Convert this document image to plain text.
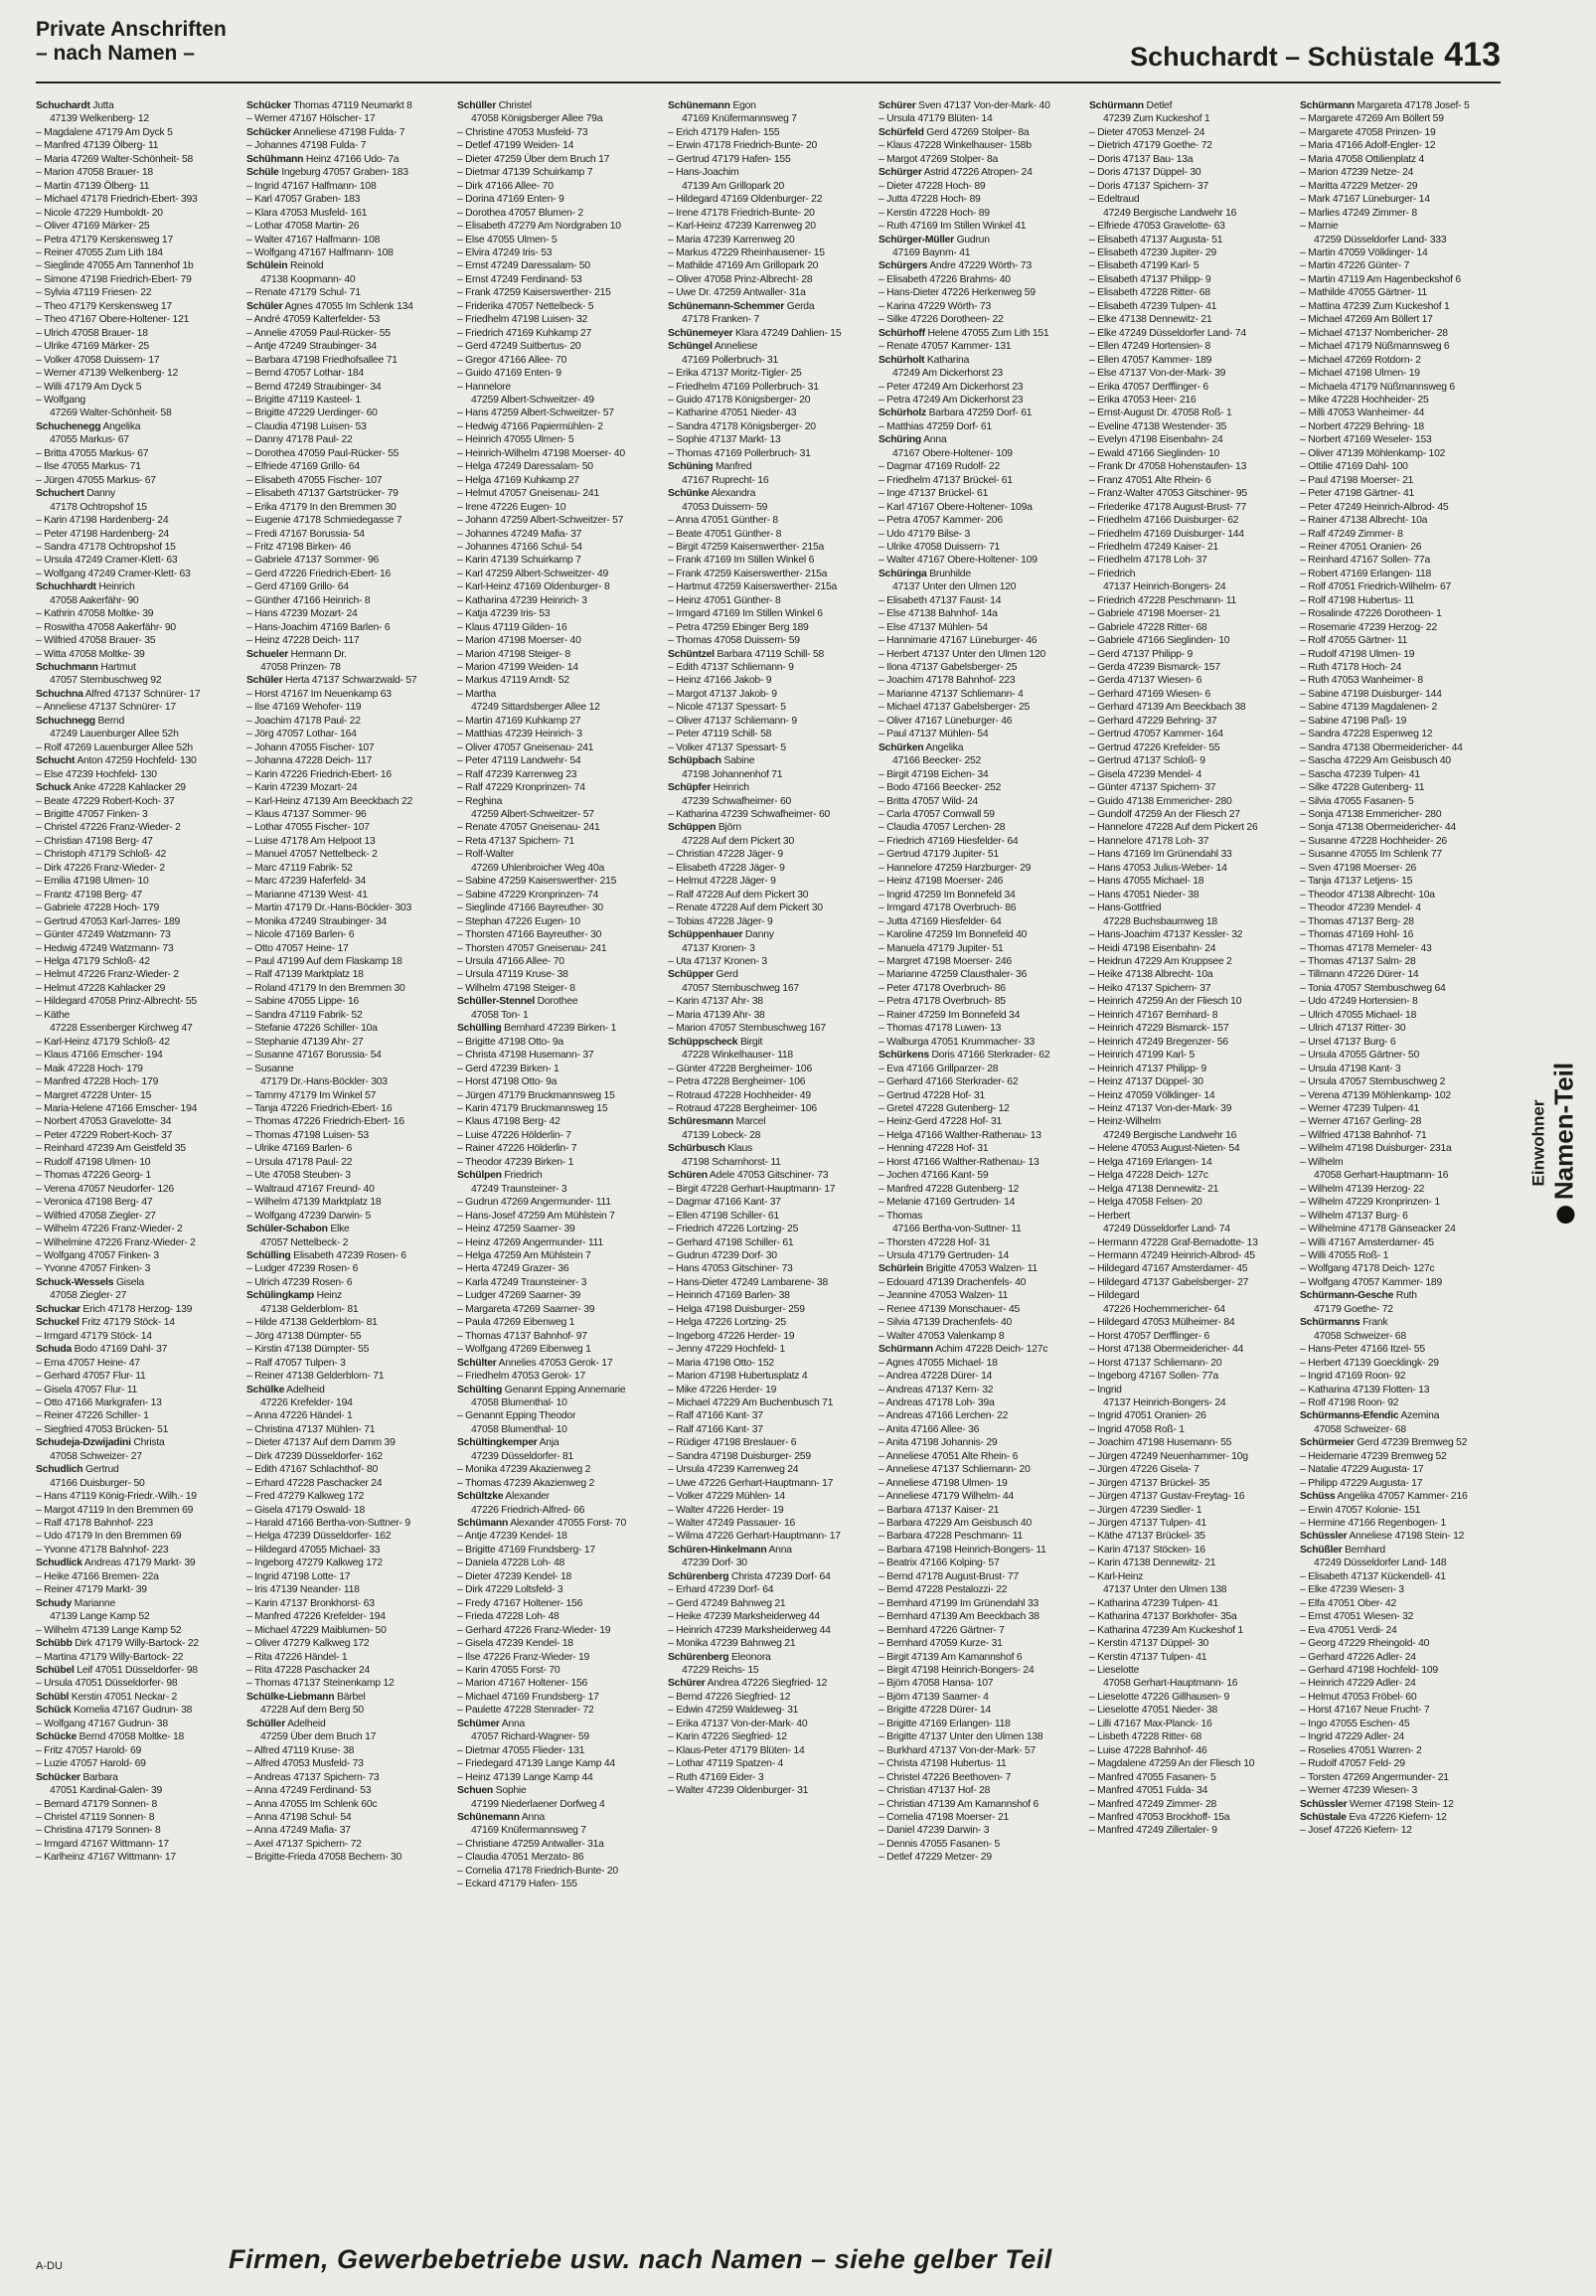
Private Anschriften
– nach Namen –	Schuchardt – Schüstale 413
Schuchardt Jutta
47139 Welkenberg- 12
– Magdalene 47179 Am Dyck 5
– Manfred 47139 Ölberg- 11
– Maria 47269 Walter-Schönheit- 58
– Marion 47058 Brauer- 18
– Martin 47139 Ölberg- 11
– Michael 47178 Friedrich-Ebert- 393
– Nicole 47229 Humboldt- 20
– Oliver 47169 Märker- 25
– Petra 47179 Kerskensweg 17
– Reiner 47055 Zum Lith 184
– Sieglinde 47055 Am Tannenhof 1b
– Simone 47198 Friedrich-Ebert- 79
– Sylvia 47119 Friesen- 22
– Theo 47179 Kerskensweg 17
– Theo 47167 Obere-Holtener- 121
– Ulrich 47058 Brauer- 18
– Ulrike 47169 Märker- 25
– Volker 47058 Duissern- 17
– Werner 47139 Welkenberg- 12
– Willi 47179 Am Dyck 5
– Wolfgang
47269 Walter-Schönheit- 58
Schuchenegg Angelika
47055 Markus- 67
– Britta 47055 Markus- 67
– Ilse 47055 Markus- 71
– Jürgen 47055 Markus- 67
Schuchert Danny
47178 Ochtropshof 15
– Karin 47198 Hardenberg- 24
– Peter 47198 Hardenberg- 24
– Sandra 47178 Ochtropshof 15
– Ursula 47249 Cramer-Klett- 63
– Wolfgang 47249 Cramer-Klett- 63
Schuchhardt Heinrich
47058 Aakerfähr- 90
– Kathrin 47058 Moltke- 39
– Roswitha 47058 Aakerfähr- 90
– Wilfried 47058 Brauer- 35
– Witta 47058 Moltke- 39
Schuchmann Hartmut
47057 Sternbuschweg 92
Schuchna Alfred 47137 Schnürer- 17
– Anneliese 47137 Schnürer- 17
Schuchnegg Bernd
47249 Lauenburger Allee 52h
– Rolf 47269 Lauenburger Allee 52h
Schucht Anton 47259 Hochfeld- 130
– Else 47239 Hochfeld- 130
Schuck Anke 47228 Kahlacker 29
– Beate 47229 Robert-Koch- 37
– Brigitte 47057 Finken- 3
– Christel 47226 Franz-Wieder- 2
– Christian 47198 Berg- 47
– Christoph 47179 Schloß- 42
– Dirk 47226 Franz-Wieder- 2
– Emilia 47198 Ulmen- 10
– Frantz 47198 Berg- 47
– Gabriele 47228 Hoch- 179
– Gertrud 47053 Karl-Jarres- 189
– Günter 47249 Watzmann- 73
– Hedwig 47249 Watzmann- 73
– Helga 47179 Schloß- 42
– Helmut 47226 Franz-Wieder- 2
– Helmut 47228 Kahlacker 29
– Hildegard 47058 Prinz-Albrecht- 55
– Käthe
47228 Essenberger Kirchweg 47
– Karl-Heinz 47179 Schloß- 42
– Klaus 47166 Emscher- 194
– Maik 47228 Hoch- 179
– Manfred 47228 Hoch- 179
– Margret 47228 Unter- 15
– Maria-Helene 47166 Emscher- 194
– Norbert 47053 Gravelotte- 34
– Peter 47229 Robert-Koch- 37
– Reinhard 47239 Am Geistfeld 35
– Rudolf 47198 Ulmen- 10
– Thomas 47226 Georg- 1
– Verena 47057 Neudorfer- 126
– Veronica 47198 Berg- 47
– Wilfried 47058 Ziegler- 27
– Wilhelm 47226 Franz-Wieder- 2
– Wilhelmine 47226 Franz-Wieder- 2
– Wolfgang 47057 Finken- 3
– Yvonne 47057 Finken- 3
Schuck-Wessels Gisela
47058 Ziegler- 27
Schuckar Erich 47178 Herzog- 139
Schuckel Fritz 47179 Stöck- 14
– Irmgard 47179 Stöck- 14
Schuda Bodo 47169 Dahl- 37
– Erna 47057 Heine- 47
– Gerhard 47057 Flur- 11
– Gisela 47057 Flur- 11
– Otto 47166 Markgrafen- 13
– Reiner 47226 Schiller- 1
– Siegfried 47053 Brücken- 51
Schudeja-Dzwijadini Christa
47058 Schweizer- 27
Schudlich Gertrud
47166 Duisburger- 50
– Hans 47119 König-Friedr.-Wilh.- 19
– Margot 47119 In den Bremmen 69
– Ralf 47178 Bahnhof- 223
– Udo 47179 In den Bremmen 69
– Yvonne 47178 Bahnhof- 223
Schudlick Andreas 47179 Markt- 39
– Heike 47166 Bremen- 22a
– Reiner 47179 Markt- 39
Schudy Marianne
47139 Lange Kamp 52
– Wilhelm 47139 Lange Kamp 52
Schübb Dirk 47179 Willy-Bartock- 22
– Martina 47179 Willy-Bartock- 22
Schübel Leif 47051 Düsseldorfer- 98
– Ursula 47051 Düsseldorfer- 98
Schübl Kerstin 47051 Neckar- 2
Schück Kornelia 47167 Gudrun- 38
– Wolfgang 47167 Gudrun- 38
Schücke Bernd 47058 Moltke- 18
– Fritz 47057 Harold- 69
– Luzie 47057 Harold- 69
Schücker Barbara
47051 Kardinal-Galen- 39
– Bernard 47179 Sonnen- 8
– Christel 47119 Sonnen- 8
– Christina 47179 Sonnen- 8
– Irmgard 47167 Wittmann- 17
– Karlheinz 47167 Wittmann- 17
Schücker Thomas 47119 Neumarkt 8
– Werner 47167 Hölscher- 17
Schücker Anneliese 47198 Fulda- 7
– Johannes 47198 Fulda- 7
Schühmann Heinz 47166 Udo- 7a
Schüle Ingeburg 47057 Graben- 183
– Ingrid 47167 Halfmann- 108
– Karl 47057 Graben- 183
– Klara 47053 Musfeld- 161
– Lothar 47058 Martin- 26
– Walter 47167 Halfmann- 108
– Wolfgang 47167 Halfmann- 108
Schülein Reinold
47138 Koopmann- 40
– Renate 47179 Schul- 71
Schüler Agnes 47055 Im Schlenk 134
– André 47059 Kalterfelder- 53
– Annelie 47059 Paul-Rücker- 55
– Antje 47249 Straubinger- 34
– Barbara 47198 Friedhofsallee 71
– Bernd 47057 Lothar- 184
– Bernd 47249 Straubinger- 34
– Brigitte 47119 Kasteel- 1
– Brigitte 47229 Uerdinger- 60
– Claudia 47198 Luisen- 53
– Danny 47178 Paul- 22
– Dorothea 47059 Paul-Rücker- 55
– Elfriede 47169 Grillo- 64
– Elisabeth 47055 Fischer- 107
– Elisabeth 47137 Gartstrücker- 79
– Erika 47179 In den Bremmen 30
– Eugenie 47178 Schmiedegasse 7
– Fredi 47167 Borussia- 54
– Fritz 47198 Birken- 46
– Gabriele 47137 Sommer- 96
– Gerd 47226 Friedrich-Ebert- 16
– Gerd 47169 Grillo- 64
– Günther 47166 Heinrich- 8
– Hans 47239 Mozart- 24
– Hans-Joachim 47169 Barlen- 6
– Heinz 47228 Deich- 117
Schueler Hermann Dr.
47058 Prinzen- 78
Schüler Herta 47137 Schwarzwald- 57
– Horst 47167 Im Neuenkamp 63
– Ilse 47169 Wehofer- 119
– Joachim 47178 Paul- 22
– Jörg 47057 Lothar- 164
– Johann 47055 Fischer- 107
– Johanna 47228 Deich- 117
– Karin 47226 Friedrich-Ebert- 16
– Karin 47239 Mozart- 24
– Karl-Heinz 47139 Am Beeckbach 22
– Klaus 47137 Sommer- 96
– Lothar 47055 Fischer- 107
– Luise 47178 Am Helpoot 13
– Manuel 47057 Nettelbeck- 2
– Marc 47119 Fabrik- 52
– Marc 47239 Haferfeld- 34
– Marianne 47139 West- 41
– Martin 47179 Dr.-Hans-Böckler- 303
– Monika 47249 Straubinger- 34
– Nicole 47169 Barlen- 6
– Otto 47057 Heine- 17
– Paul 47199 Auf dem Flaskamp 18
– Ralf 47139 Marktplatz 18
– Roland 47179 In den Bremmen 30
– Sabine 47055 Lippe- 16
– Sandra 47119 Fabrik- 52
– Stefanie 47226 Schiller- 10a
– Stephanie 47139 Ahr- 27
– Susanne 47167 Borussia- 54
– Susanne
47179 Dr.-Hans-Böckler- 303
– Tammy 47179 Im Winkel 57
– Tanja 47226 Friedrich-Ebert- 16
– Thomas 47226 Friedrich-Ebert- 16
– Thomas 47198 Luisen- 53
– Ulrike 47169 Barlen- 6
– Ursula 47178 Paul- 22
– Ute 47058 Steuben- 3
– Waltraud 47167 Freund- 40
– Wilhelm 47139 Marktplatz 18
– Wolfgang 47239 Darwin- 5
Schüler-Schabon Elke
47057 Nettelbeck- 2
Schülling Elisabeth 47239 Rosen- 6
– Ludger 47239 Rosen- 6
– Ulrich 47239 Rosen- 6
Schülingkamp Heinz
47138 Gelderblom- 81
– Hilde 47138 Gelderblom- 81
– Jörg 47138 Dümpter- 55
– Kirstin 47138 Dümpter- 55
– Ralf 47057 Tulpen- 3
– Reiner 47138 Gelderblom- 71
Schülke Adelheid
47226 Krefelder- 194
– Anna 47226 Händel- 1
– Christina 47137 Mühlen- 71
– Dieter 47137 Auf dem Damm 39
– Dirk 47239 Düsseldorfer- 162
– Edith 47167 Schlachthof- 80
– Erhard 47228 Paschacker 24
– Fred 47279 Kalkweg 172
– Gisela 47179 Oswald- 18
– Harald 47166 Bertha-von-Suttner- 9
– Helga 47239 Düsseldorfer- 162
– Hildegard 47055 Michael- 33
– Ingeborg 47279 Kalkweg 172
– Ingrid 47198 Lotte- 17
– Iris 47139 Neander- 118
– Karin 47137 Bronkhorst- 63
– Manfred 47226 Krefelder- 194
– Michael 47229 Maiblumen- 50
– Oliver 47279 Kalkweg 172
– Rita 47226 Händel- 1
– Rita 47228 Paschacker 24
– Thomas 47137 Steinenkamp 12
Schülke-Liebmann Bärbel
47228 Auf dem Berg 50
Schüller Adelheid
47259 Über dem Bruch 17
– Alfred 47119 Kruse- 38
– Alfred 47053 Musfeld- 73
– Andreas 47137 Spichern- 73
– Anna 47249 Ferdinand- 53
– Anna 47055 Im Schlenk 60c
– Anna 47198 Schul- 54
– Anna 47249 Mafia- 37
– Axel 47137 Spichern- 72
– Brigitte-Frieda 47058 Bechem- 30
Schüller Christel
47058 Königsberger Allee 79a
– Christine 47053 Musfeld- 73
– Detlef 47199 Weiden- 14
– Dieter 47259 Über dem Bruch 17
– Dietmar 47139 Schuirkamp 7
– Dirk 47166 Allee- 70
– Dorina 47169 Enten- 9
– Dorothea 47057 Blumen- 2
– Elisabeth 47279 Am Nordgraben 10
– Else 47055 Ulmen- 5
– Elvira 47249 Iris- 53
– Ernst 47249 Daressalam- 50
– Ernst 47249 Ferdinand- 53
– Frank 47259 Kaiserswerther- 215
– Friderika 47057 Nettelbeck- 5
– Friedhelm 47198 Luisen- 32
– Friedrich 47169 Kuhkamp 27
– Gerd 47249 Suitbertus- 20
– Gregor 47166 Allee- 70
– Guido 47169 Enten- 9
– Hannelore
47259 Albert-Schweitzer- 49
– Hans 47259 Albert-Schweitzer- 57
– Hedwig 47166 Papiermühlen- 2
– Heinrich 47055 Ulmen- 5
– Heinrich-Wilhelm 47198 Moerser- 40
– Helga 47249 Daressalam- 50
– Helga 47169 Kuhkamp 27
– Helmut 47057 Gneisenau- 241
– Irene 47226 Eugen- 10
– Johann 47259 Albert-Schweitzer- 57
– Johannes 47249 Mafia- 37
– Johannes 47166 Schul- 54
– Karin 47139 Schuirkamp 7
– Karl 47259 Albert-Schweitzer- 49
– Karl-Heinz 47169 Oldenburger- 8
– Katharina 47239 Heinrich- 3
– Katja 47239 Iris- 53
– Klaus 47119 Gilden- 16
– Marion 47198 Moerser- 40
– Marion 47198 Steiger- 8
– Marion 47199 Weiden- 14
– Markus 47119 Arndt- 52
– Martha
47249 Sittardsberger Allee 12
– Martin 47169 Kuhkamp 27
– Matthias 47239 Heinrich- 3
– Oliver 47057 Gneisenau- 241
– Peter 47119 Landwehr- 54
– Ralf 47239 Karrenweg 23
– Ralf 47229 Kronprinzen- 74
– Reghina
47259 Albert-Schweitzer- 57
– Renate 47057 Gneisenau- 241
– Reta 47137 Spichern- 71
– Rolf-Walter
47269 Uhlenbroicher Weg 40a
– Sabine 47259 Kaiserswerther- 215
– Sabine 47229 Kronprinzen- 74
– Sieglinde 47166 Bayreuther- 30
– Stephan 47226 Eugen- 10
– Thorsten 47166 Bayreuther- 30
– Thorsten 47057 Gneisenau- 241
– Ursula 47166 Allee- 70
– Ursula 47119 Kruse- 38
– Wilhelm 47198 Steiger- 8
Schüller-Stennel Dorothee
47058 Ton- 1
Schülling Bernhard 47239 Birken- 1
– Brigitte 47198 Otto- 9a
– Christa 47198 Husemann- 37
– Gerd 47239 Birken- 1
– Horst 47198 Otto- 9a
– Jürgen 47179 Bruckmannsweg 15
– Karin 47179 Bruckmannsweg 15
– Klaus 47198 Berg- 42
– Luise 47226 Hölderlin- 7
– Rainer 47226 Hölderlin- 7
– Theodor 47239 Birken- 1
Schülpen Friedrich
47249 Traunsteiner- 3
– Gudrun 47269 Angermunder- 111
– Hans-Josef 47259 Am Mühlstein 7
– Heinz 47259 Saarner- 39
– Heinz 47269 Angermunder- 111
– Helga 47259 Am Mühlstein 7
– Herta 47249 Grazer- 36
– Karla 47249 Traunsteiner- 3
– Ludger 47269 Saarner- 39
– Margareta 47269 Saarner- 39
– Paula 47269 Eibenweg 1
– Thomas 47137 Bahnhof- 97
– Wolfgang 47269 Eibenweg 1
Schülter Annelies 47053 Gerok- 17
– Friedhelm 47053 Gerok- 17
Schülting Genannt Epping Annemarie
47058 Blumenthal- 10
– Genannt Epping Theodor
47058 Blumenthal- 10
Schültingkemper Anja
47239 Düsseldorfer- 81
– Monika 47239 Akazienweg 2
– Thomas 47239 Akazienweg 2
Schültzke Alexander
47226 Friedrich-Alfred- 66
Schümann Alexander 47055 Forst- 70
– Antje 47239 Kendel- 18
– Brigitte 47169 Frundsberg- 17
– Daniela 47228 Loh- 48
– Dieter 47239 Kendel- 18
– Dirk 47229 Loltsfeld- 3
– Fredy 47167 Holtener- 156
– Frieda 47228 Loh- 48
– Gerhard 47226 Franz-Wieder- 19
– Gisela 47239 Kendel- 18
– Ilse 47226 Franz-Wieder- 19
– Karin 47055 Forst- 70
– Marion 47167 Holtener- 156
– Michael 47169 Frundsberg- 17
– Paulette 47228 Stenrader- 72
Schümer Anna
47057 Richard-Wagner- 59
– Dietmar 47055 Flieder- 131
– Friedegard 47139 Lange Kamp 44
– Heinz 47139 Lange Kamp 44
Schuen Sophie
47199 Niederlaener Dorfweg 4
Schünemann Anna
47169 Knüfermannsweg 7
– Christiane 47259 Antwaller- 31a
– Claudia 47051 Merzato- 86
– Cornelia 47178 Friedrich-Bunte- 20
– Eckard 47179 Hafen- 155
Schünemann Egon
47169 Knüfermannsweg 7
– Erich 47179 Hafen- 155
– Erwin 47178 Friedrich-Bunte- 20
– Gertrud 47179 Hafen- 155
– Hans-Joachim
47139 Am Grillopark 20
– Hildegard 47169 Oldenburger- 22
– Irene 47178 Friedrich-Bunte- 20
– Karl-Heinz 47239 Karrenweg 20
– Maria 47239 Karrenweg 20
– Markus 47229 Rheinhausener- 15
– Mathilde 47169 Am Grillopark 20
– Oliver 47058 Prinz-Albrecht- 28
– Uwe Dr. 47259 Antwaller- 31a
Schünemann-Schemmer Gerda
47178 Franken- 7
Schünemeyer Klara 47249 Dahlien- 15
Schüngel Anneliese
47169 Pollerbruch- 31
– Erika 47137 Moritz-Tigler- 25
– Friedhelm 47169 Pollerbruch- 31
– Guido 47178 Königsberger- 20
– Katharine 47051 Nieder- 43
– Sandra 47178 Königsberger- 20
– Sophie 47137 Markt- 13
– Thomas 47169 Pollerbruch- 31
Schüning Manfred
47167 Ruprecht- 16
Schünke Alexandra
47053 Duissern- 59
– Anna 47051 Günther- 8
– Beate 47051 Günther- 8
– Birgit 47259 Kaiserswerther- 215a
– Frank 47169 Im Stillen Winkel 6
– Frank 47259 Kaiserswerther- 215a
– Hartmut 47259 Kaiserswerther- 215a
– Heinz 47051 Günther- 8
– Irmgard 47169 Im Stillen Winkel 6
– Petra 47259 Ebinger Berg 189
– Thomas 47058 Duissern- 59
Schüntzel Barbara 47119 Schill- 58
– Edith 47137 Schliemann- 9
– Heinz 47166 Jakob- 9
– Margot 47137 Jakob- 9
– Nicole 47137 Spessart- 5
– Oliver 47137 Schliemann- 9
– Peter 47119 Schill- 58
– Volker 47137 Spessart- 5
Schüpbach Sabine
47198 Johannenhof 71
Schüpfer Heinrich
47239 Schwafheimer- 60
– Katharina 47239 Schwafheimer- 60
Schüppen Björn
47228 Auf dem Pickert 30
– Christian 47228 Jäger- 9
– Elisabeth 47228 Jäger- 9
– Helmut 47228 Jäger- 9
– Ralf 47228 Auf dem Pickert 30
– Renate 47228 Auf dem Pickert 30
– Tobias 47228 Jäger- 9
Schüppenhauer Danny
47137 Kronen- 3
– Uta 47137 Kronen- 3
Schüpper Gerd
47057 Sternbuschweg 167
– Karin 47137 Ahr- 38
– Maria 47139 Ahr- 38
– Marion 47057 Sternbuschweg 167
Schüppscheck Birgit
47228 Winkelhauser- 118
– Günter 47228 Bergheimer- 106
– Petra 47228 Bergheimer- 106
– Rotraud 47228 Hochheider- 49
– Rotraud 47228 Bergheimer- 106
Schüresmann Marcel
47139 Lobeck- 28
Schürbusch Klaus
47198 Scharnhorst- 11
Schüren Adele 47053 Gitschiner- 73
– Birgit 47228 Gerhart-Hauptmann- 17
– Dagmar 47166 Kant- 37
– Ellen 47198 Schiller- 61
– Friedrich 47226 Lortzing- 25
– Gerhard 47198 Schiller- 61
– Gudrun 47239 Dorf- 30
– Hans 47053 Gitschiner- 73
– Hans-Dieter 47249 Lambarene- 38
– Heinrich 47169 Barlen- 38
– Helga 47198 Duisburger- 259
– Helga 47226 Lortzing- 25
– Ingeborg 47226 Herder- 19
– Jenny 47229 Hochfeld- 1
– Maria 47198 Otto- 152
– Marion 47198 Hubertusplatz 4
– Mike 47226 Herder- 19
– Michael 47229 Am Buchenbusch 71
– Ralf 47166 Kant- 37
– Ralf 47166 Kant- 37
– Rüdiger 47198 Breslauer- 6
– Sandra 47198 Duisburger- 259
– Ursula 47239 Karrenweg 24
– Uwe 47226 Gerhart-Hauptmann- 17
– Volker 47229 Mühlen- 14
– Walter 47226 Herder- 19
– Walter 47249 Passauer- 16
– Wilma 47226 Gerhart-Hauptmann- 17
Schüren-Hinkelmann Anna
47239 Dorf- 30
Schürenberg Christa 47239 Dorf- 64
– Erhard 47239 Dorf- 64
– Gerd 47249 Bahnweg 21
– Heike 47239 Marksheiderweg 44
– Heinrich 47239 Marksheiderweg 44
– Monika 47239 Bahnweg 21
Schürenberg Eleonora
47229 Reichs- 15
Schürer Andrea 47226 Siegfried- 12
– Bernd 47226 Siegfried- 12
– Edwin 47259 Waldeweg- 31
– Erika 47137 Von-der-Mark- 40
– Karin 47226 Siegfried- 12
– Klaus-Peter 47179 Blüten- 14
– Lothar 47119 Spatzen- 4
– Ruth 47169 Eider- 3
– Walter 47239 Oldenburger- 31
Schürer Sven 47137 Von-der-Mark- 40
– Ursula 47179 Blüten- 14
Schürfeld Gerd 47269 Stolper- 8a
– Klaus 47228 Winkelhauser- 158b
– Margot 47269 Stolper- 8a
Schürger Astrid 47226 Atropen- 24
– Dieter 47228 Hoch- 89
– Jutta 47228 Hoch- 89
– Kerstin 47228 Hoch- 89
– Ruth 47169 Im Stillen Winkel 41
Schürger-Müller Gudrun
47169 Baynm- 41
Schürgers Andre 47229 Wörth- 73
– Elisabeth 47226 Brahms- 40
– Hans-Dieter 47226 Herkenweg 59
– Karina 47229 Wörth- 73
– Silke 47226 Dorotheen- 22
Schürhoff Helene 47055 Zum Lith 151
– Renate 47057 Kammer- 131
Schürholt Katharina
47249 Am Dickerhorst 23
– Peter 47249 Am Dickerhorst 23
– Petra 47249 Am Dickerhorst 23
Schürholz Barbara 47259 Dorf- 61
– Matthias 47259 Dorf- 61
Schüring Anna
47167 Obere-Holtener- 109
– Dagmar 47169 Rudolf- 22
– Friedhelm 47137 Brückel- 61
– Inge 47137 Brückel- 61
– Karl 47167 Obere-Holtener- 109a
– Petra 47057 Kammer- 206
– Udo 47179 Bilse- 3
– Ulrike 47058 Duissern- 71
– Walter 47167 Obere-Holtener- 109
Schüringa Brunhilde
47137 Unter den Ulmen 120
– Elisabeth 47137 Faust- 14
– Else 47138 Bahnhof- 14a
– Else 47137 Mühlen- 54
– Hannimarie 47167 Lüneburger- 46
– Herbert 47137 Unter den Ulmen 120
– Ilona 47137 Gabelsberger- 25
– Joachim 47178 Bahnhof- 223
– Marianne 47137 Schliemann- 4
– Michael 47137 Gabelsberger- 25
– Oliver 47167 Lüneburger- 46
– Paul 47137 Mühlen- 54
Schürken Angelika
47166 Beecker- 252
– Birgit 47198 Eichen- 34
– Bodo 47166 Beecker- 252
– Britta 47057 Wild- 24
– Carla 47057 Cornwall 59
– Claudia 47057 Lerchen- 28
– Friedrich 47169 Hiesfelder- 64
– Gertrud 47179 Jupiter- 51
– Hannelore 47259 Harzburger- 29
– Heinz 47198 Moerser- 246
– Ingrid 47259 Im Bonnefeld 34
– Irmgard 47178 Overbruch- 86
– Jutta 47169 Hiesfelder- 64
– Karoline 47259 Im Bonnefeld 40
– Manuela 47179 Jupiter- 51
– Margret 47198 Moerser- 246
– Marianne 47259 Clausthaler- 36
– Peter 47178 Overbruch- 86
– Petra 47178 Overbruch- 85
– Rainer 47259 Im Bonnefeld 34
– Thomas 47178 Luwen- 13
– Walburga 47051 Krummacher- 33
Schürkens Doris 47166 Sterkrader- 62
– Eva 47166 Grillparzer- 28
– Gerhard 47166 Sterkrader- 62
– Gertrud 47228 Hof- 31
– Gretel 47228 Gutenberg- 12
– Heinz-Gerd 47228 Hof- 31
– Helga 47166 Walther-Rathenau- 13
– Henning 47228 Hof- 31
– Horst 47166 Walther-Rathenau- 13
– Jochen 47166 Kant- 59
– Manfred 47228 Gutenberg- 12
– Melanie 47169 Gertruden- 14
– Thomas
47166 Bertha-von-Suttner- 11
– Thorsten 47228 Hof- 31
– Ursula 47179 Gertruden- 14
Schürlein Brigitte 47053 Walzen- 11
– Edouard 47139 Drachenfels- 40
– Jeannine 47053 Walzen- 11
– Renee 47139 Monschauer- 45
– Silvia 47139 Drachenfels- 40
– Walter 47053 Valenkamp 8
Schürmann Achim 47228 Deich- 127c
– Agnes 47055 Michael- 18
– Andrea 47228 Dürer- 14
– Andreas 47137 Kern- 32
– Andreas 47178 Loh- 39a
– Andreas 47166 Lerchen- 22
– Anita 47166 Allee- 36
– Anita 47198 Johannis- 29
– Anneliese 47051 Alte Rhein- 6
– Anneliese 47137 Schliemann- 20
– Anneliese 47198 Ulmen- 19
– Anneliese 47179 Wilhelm- 44
– Barbara 47137 Kaiser- 21
– Barbara 47229 Am Geisbusch 40
– Barbara 47228 Peschmann- 11
– Barbara 47198 Heinrich-Bongers- 11
– Beatrix 47166 Kolping- 57
– Bernd 47178 August-Brust- 77
– Bernd 47228 Pestalozzi- 22
– Bernhard 47199 Im Grünendahl 33
– Bernhard 47139 Am Beeckbach 38
– Bernhard 47226 Gärtner- 7
– Bernhard 47059 Kurze- 31
– Birgit 47139 Am Kamannshof 6
– Birgit 47198 Heinrich-Bongers- 24
– Björn 47058 Hansa- 107
– Björn 47139 Saarner- 4
– Brigitte 47228 Dürer- 14
– Brigitte 47169 Erlangen- 118
– Brigitte 47137 Unter den Ulmen 138
– Burkhard 47137 Von-der-Mark- 57
– Christa 47198 Hubertus- 11
– Christel 47226 Beethoven- 7
– Christian 47137 Hof- 28
– Christian 47139 Am Kamannshof 6
– Cornelia 47198 Moerser- 21
– Daniel 47239 Darwin- 3
– Dennis 47055 Fasanen- 5
– Detlef 47229 Metzer- 29
Schürmann Detlef
47239 Zum Kuckeshof 1
– Dieter 47053 Menzel- 24
– Dietrich 47179 Goethe- 72
– Doris 47137 Bau- 13a
– Doris 47137 Düppel- 30
– Doris 47137 Spichern- 37
– Edeltraud
47249 Bergische Landwehr 16
– Elfriede 47053 Gravelotte- 63
– Elisabeth 47137 Augusta- 51
– Elisabeth 47239 Jupiter- 29
– Elisabeth 47199 Karl- 5
– Elisabeth 47137 Philipp- 9
– Elisabeth 47228 Ritter- 68
– Elisabeth 47239 Tulpen- 41
– Elke 47138 Dennewitz- 21
– Elke 47249 Düsseldorfer Land- 74
– Ellen 47249 Hortensien- 8
– Ellen 47057 Kammer- 189
– Else 47137 Von-der-Mark- 39
– Erika 47057 Derfflinger- 6
– Erika 47053 Heer- 216
– Ernst-August Dr. 47058 Roß- 1
– Eveline 47138 Westender- 35
– Evelyn 47198 Eisenbahn- 24
– Ewald 47166 Sieglinden- 10
– Frank Dr 47058 Hohenstaufen- 13
– Franz 47051 Alte Rhein- 6
– Franz-Walter 47053 Gitschiner- 95
– Friederike 47178 August-Brust- 77
– Friedhelm 47166 Duisburger- 62
– Friedhelm 47169 Duisburger- 144
– Friedhelm 47249 Kaiser- 21
– Friedhelm 47178 Loh- 37
– Friedrich
47137 Heinrich-Bongers- 24
– Friedrich 47228 Peschmann- 11
– Gabriele 47198 Moerser- 21
– Gabriele 47228 Ritter- 68
– Gabriele 47166 Sieglinden- 10
– Gerd 47137 Philipp- 9
– Gerda 47239 Bismarck- 157
– Gerda 47137 Wiesen- 6
– Gerhard 47169 Wiesen- 6
– Gerhard 47139 Am Beeckbach 38
– Gerhard 47229 Behring- 37
– Gertrud 47057 Kammer- 164
– Gertrud 47226 Krefelder- 55
– Gertrud 47137 Schloß- 9
– Gisela 47239 Mendel- 4
– Günter 47137 Spichern- 37
– Guido 47138 Emmericher- 280
– Gundolf 47259 An der Fliesch 27
– Hannelore 47228 Auf dem Pickert 26
– Hannelore 47178 Loh- 37
– Hans 47169 Im Grünendahl 33
– Hans 47053 Julius-Weber- 14
– Hans 47055 Michael- 18
– Hans 47051 Nieder- 38
– Hans-Gottfried
47228 Buchsbaumweg 18
– Hans-Joachim 47137 Kessler- 32
– Heidi 47198 Eisenbahn- 24
– Heidrun 47229 Am Kruppsee 2
– Heike 47138 Albrecht- 10a
– Heiko 47137 Spichern- 37
– Heinrich 47259 An der Fliesch 10
– Heinrich 47167 Bernhard- 8
– Heinrich 47229 Bismarck- 157
– Heinrich 47249 Bregenzer- 56
– Heinrich 47199 Karl- 5
– Heinrich 47137 Philipp- 9
– Heinz 47137 Düppel- 30
– Heinz 47059 Völklinger- 14
– Heinz 47137 Von-der-Mark- 39
– Heinz-Wilhelm
47249 Bergische Landwehr 16
– Helene 47053 August-Nieten- 54
– Helga 47169 Erlangen- 14
– Helga 47228 Deich- 127c
– Helga 47138 Dennewitz- 21
– Helga 47058 Felsen- 20
– Herbert
47249 Düsseldorfer Land- 74
– Hermann 47228 Graf-Bernadotte- 13
– Hermann 47249 Heinrich-Albrod- 45
– Hildegard 47167 Amsterdamer- 45
– Hildegard 47137 Gabelsberger- 27
– Hildegard
47226 Hochemmericher- 64
– Hildegard 47053 Mülheimer- 84
– Horst 47057 Derfflinger- 6
– Horst 47138 Obermeidericher- 44
– Horst 47137 Schliemann- 20
– Ingeborg 47167 Sollen- 77a
– Ingrid
47137 Heinrich-Bongers- 24
– Ingrid 47051 Oranien- 26
– Ingrid 47058 Roß- 1
– Joachim 47198 Husemann- 55
– Jürgen 47249 Neuenhammer- 10g
– Jürgen 47226 Gisela- 7
– Jürgen 47137 Brückel- 35
– Jürgen 47137 Gustav-Freytag- 16
– Jürgen 47239 Siedler- 1
– Jürgen 47137 Tulpen- 41
– Käthe 47137 Brückel- 35
– Karin 47137 Stöcken- 16
– Karin 47138 Dennewitz- 21
– Karl-Heinz
47137 Unter den Ulmen 138
– Katharina 47239 Tulpen- 41
– Katharina 47137 Borkhofer- 35a
– Katharina 47239 Am Kuckeshof 1
– Kerstin 47137 Düppel- 30
– Kerstin 47137 Tulpen- 41
– Lieselotte
47058 Gerhart-Hauptmann- 16
– Lieselotte 47226 Gillhausen- 9
– Lieselotte 47051 Nieder- 38
– Lilli 47167 Max-Planck- 16
– Lisbeth 47228 Ritter- 68
– Luise 47228 Bahnhof- 46
– Magdalene 47259 An der Fliesch 10
– Manfred 47055 Fasanen- 5
– Manfred 47051 Fulda- 34
– Manfred 47249 Zimmer- 28
– Manfred 47053 Brockhoff- 15a
– Manfred 47249 Zillertaler- 9
Schürmann Margareta 47178 Josef- 5
– Margarete 47269 Am Böllert 59
– Margarete 47058 Prinzen- 19
– Maria 47166 Adolf-Engler- 12
– Maria 47058 Ottilienplatz 4
– Marion 47239 Netze- 24
– Maritta 47229 Metzer- 29
– Mark 47167 Lüneburger- 14
– Marlies 47249 Zimmer- 8
– Marnie
47259 Düsseldorfer Land- 333
– Martin 47059 Völklinger- 14
– Martin 47226 Günter- 7
– Martin 47119 Am Hagenbeckshof 6
– Mathilde 47055 Gärtner- 11
– Mattina 47239 Zum Kuckeshof 1
– Michael 47269 Am Böllert 17
– Michael 47137 Nombericher- 28
– Michael 47179 Nüßmannsweg 6
– Michael 47269 Rotdorn- 2
– Michael 47198 Ulmen- 19
– Michaela 47179 Nüßmannsweg 6
– Mike 47228 Hochheider- 25
– Milli 47053 Wanheimer- 44
– Norbert 47229 Behring- 18
– Norbert 47169 Weseler- 153
– Oliver 47139 Möhlenkamp- 102
– Ottilie 47169 Dahl- 100
– Paul 47198 Moerser- 21
– Peter 47198 Gärtner- 41
– Peter 47249 Heinrich-Albrod- 45
– Rainer 47138 Albrecht- 10a
– Ralf 47249 Zimmer- 8
– Reiner 47051 Oranien- 26
– Reinhard 47167 Sollen- 77a
– Robert 47169 Erlangen- 118
– Rolf 47051 Friedrich-Wilhelm- 67
– Rolf 47198 Hubertus- 11
– Rosalinde 47226 Dorotheen- 1
– Rosemarie 47239 Herzog- 22
– Rolf 47055 Gärtner- 11
– Rudolf 47198 Ulmen- 19
– Ruth 47178 Hoch- 24
– Ruth 47053 Wanheimer- 8
– Sabine 47198 Duisburger- 144
– Sabine 47139 Magdalenen- 2
– Sabine 47198 Paß- 19
– Sandra 47228 Espenweg 12
– Sandra 47138 Obermeidericher- 44
– Sascha 47229 Am Geisbusch 40
– Sascha 47239 Tulpen- 41
– Silke 47228 Gutenberg- 11
– Silvia 47055 Fasanen- 5
– Sonja 47138 Emmericher- 280
– Sonja 47138 Obermeidericher- 44
– Susanne 47228 Hochheider- 26
– Susanne 47055 Im Schlenk 77
– Sven 47198 Moerser- 26
– Tanja 47137 Letjens- 15
– Theodor 47138 Albrecht- 10a
– Theodor 47239 Mendel- 4
– Thomas 47137 Berg- 28
– Thomas 47169 Hohl- 16
– Thomas 47178 Memeler- 43
– Thomas 47137 Salm- 28
– Tillmann 47226 Dürer- 14
– Tonia 47057 Sternbuschweg 64
– Udo 47249 Hortensien- 8
– Ulrich 47055 Michael- 18
– Ulrich 47137 Ritter- 30
– Ursel 47137 Burg- 6
– Ursula 47055 Gärtner- 50
– Ursula 47198 Kant- 3
– Ursula 47057 Sternbuschweg 2
– Verena 47139 Möhlenkamp- 102
– Werner 47239 Tulpen- 41
– Werner 47167 Gerling- 28
– Wilfried 47138 Bahnhof- 71
– Wilhelm 47198 Duisburger- 231a
– Wilhelm
47058 Gerhart-Hauptmann- 16
– Wilhelm 47139 Herzog- 22
– Wilhelm 47229 Kronprinzen- 1
– Wilhelm 47137 Burg- 6
– Wilhelmine 47178 Gänseacker 24
– Willi 47167 Amsterdamer- 45
– Willi 47055 Roß- 1
– Wolfgang 47178 Deich- 127c
– Wolfgang 47057 Kammer- 189
Schürmann-Gesche Ruth
47179 Goethe- 72
Schürmanns Frank
47058 Schweizer- 68
– Hans-Peter 47166 Itzel- 55
– Herbert 47139 Goecklingk- 29
– Ingrid 47169 Roon- 92
– Katharina 47139 Flotten- 13
– Rolf 47198 Roon- 92
Schürmanns-Efendic Azemina
47058 Schweizer- 68
Schürmeier Gerd 47239 Bremweg 52
– Heidemarie 47239 Bremweg 52
– Natalie 47229 Augusta- 17
– Philipp 47229 Augusta- 17
Schüss Angelika 47057 Kammer- 216
– Erwin 47057 Kolonie- 151
– Hermine 47166 Regenbogen- 1
Schüssler Anneliese 47198 Stein- 12
Schüßler Bernhard
47249 Düsseldorfer Land- 148
– Elisabeth 47137 Kückendell- 41
– Elke 47239 Wiesen- 3
– Elfa 47051 Ober- 42
– Ernst 47051 Wiesen- 32
– Eva 47051 Verdi- 24
– Georg 47229 Rheingold- 40
– Gerhard 47226 Adler- 24
– Gerhard 47198 Hochfeld- 109
– Heinrich 47229 Adler- 24
– Helmut 47053 Fröbel- 60
– Horst 47167 Neue Frucht- 7
– Ingo 47055 Eschen- 45
– Ingrid 47229 Adler- 24
– Roselies 47051 Warren- 2
– Rudolf 47057 Feld- 29
– Torsten 47269 Angermunder- 21
– Werner 47239 Wiesen- 3
Schüssler Werner 47198 Stein- 12
Schüstale Eva 47226 Kiefern- 12
– Josef 47226 Kiefern- 12
Einwohner Namen-Teil
A-DU	Firmen, Gewerbebetriebe usw. nach Namen – siehe gelber Teil
